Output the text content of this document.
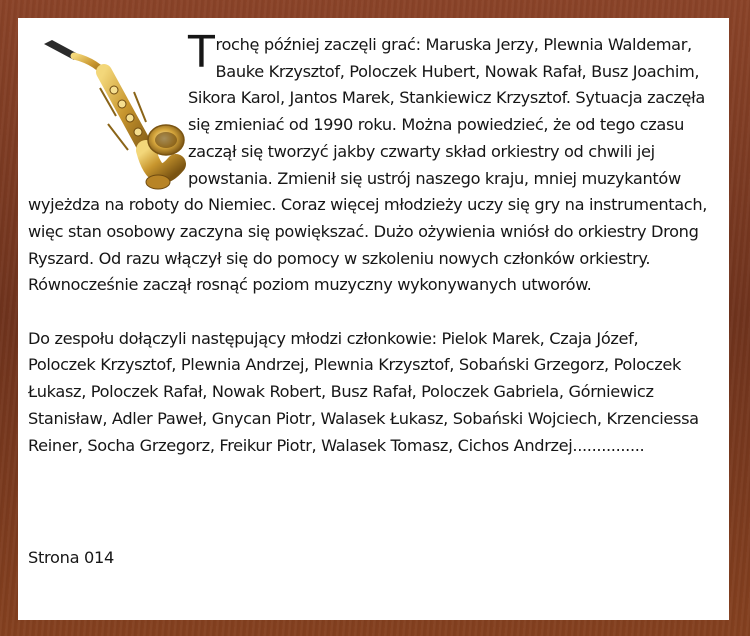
Trochę później zaczęli grać: Maruska Jerzy, Plewnia Waldemar, Bauke Krzysztof, Poloczek Hubert, Nowak Rafał, Busz Joachim, Sikora Karol, Jantos Marek, Stankiewicz Krzysztof. Sytuacja zaczęła się zmieniać od 1990 roku. Można powiedzieć, że od tego czasu zaczął się tworzyć jakby czwarty skład orkiestry od chwili jej powstania. Zmienił się ustrój naszego kraju, mniej muzykantów wyjeżdza na roboty do Niemiec. Coraz więcej młodzieży uczy się gry na instrumentach, więc stan osobowy zaczyna się powiększać. Dużo ożywienia wniósł do orkiestry Drong Ryszard. Od razu włączył się do pomocy w szkoleniu nowych członków orkiestry. Równocześnie zaczął rosnąć poziom muzyczny wykonywanych utworów.

Do zespołu dołączyli następujący młodzi członkowie: Pielok Marek, Czaja Józef, Poloczek Krzysztof, Plewnia Andrzej, Plewnia Krzysztof, Sobański Grzegorz, Poloczek Łukasz, Poloczek Rafał, Nowak Robert, Busz Rafał, Poloczek Gabriela, Górniewicz Stanisław, Adler Paweł, Gnycan Piotr, Walasek Łukasz, Sobański Wojciech, Krzenciessa Reiner, Socha Grzegorz, Freikur Piotr, Walasek Tomasz, Cichos Andrzej...............

Strona 014
